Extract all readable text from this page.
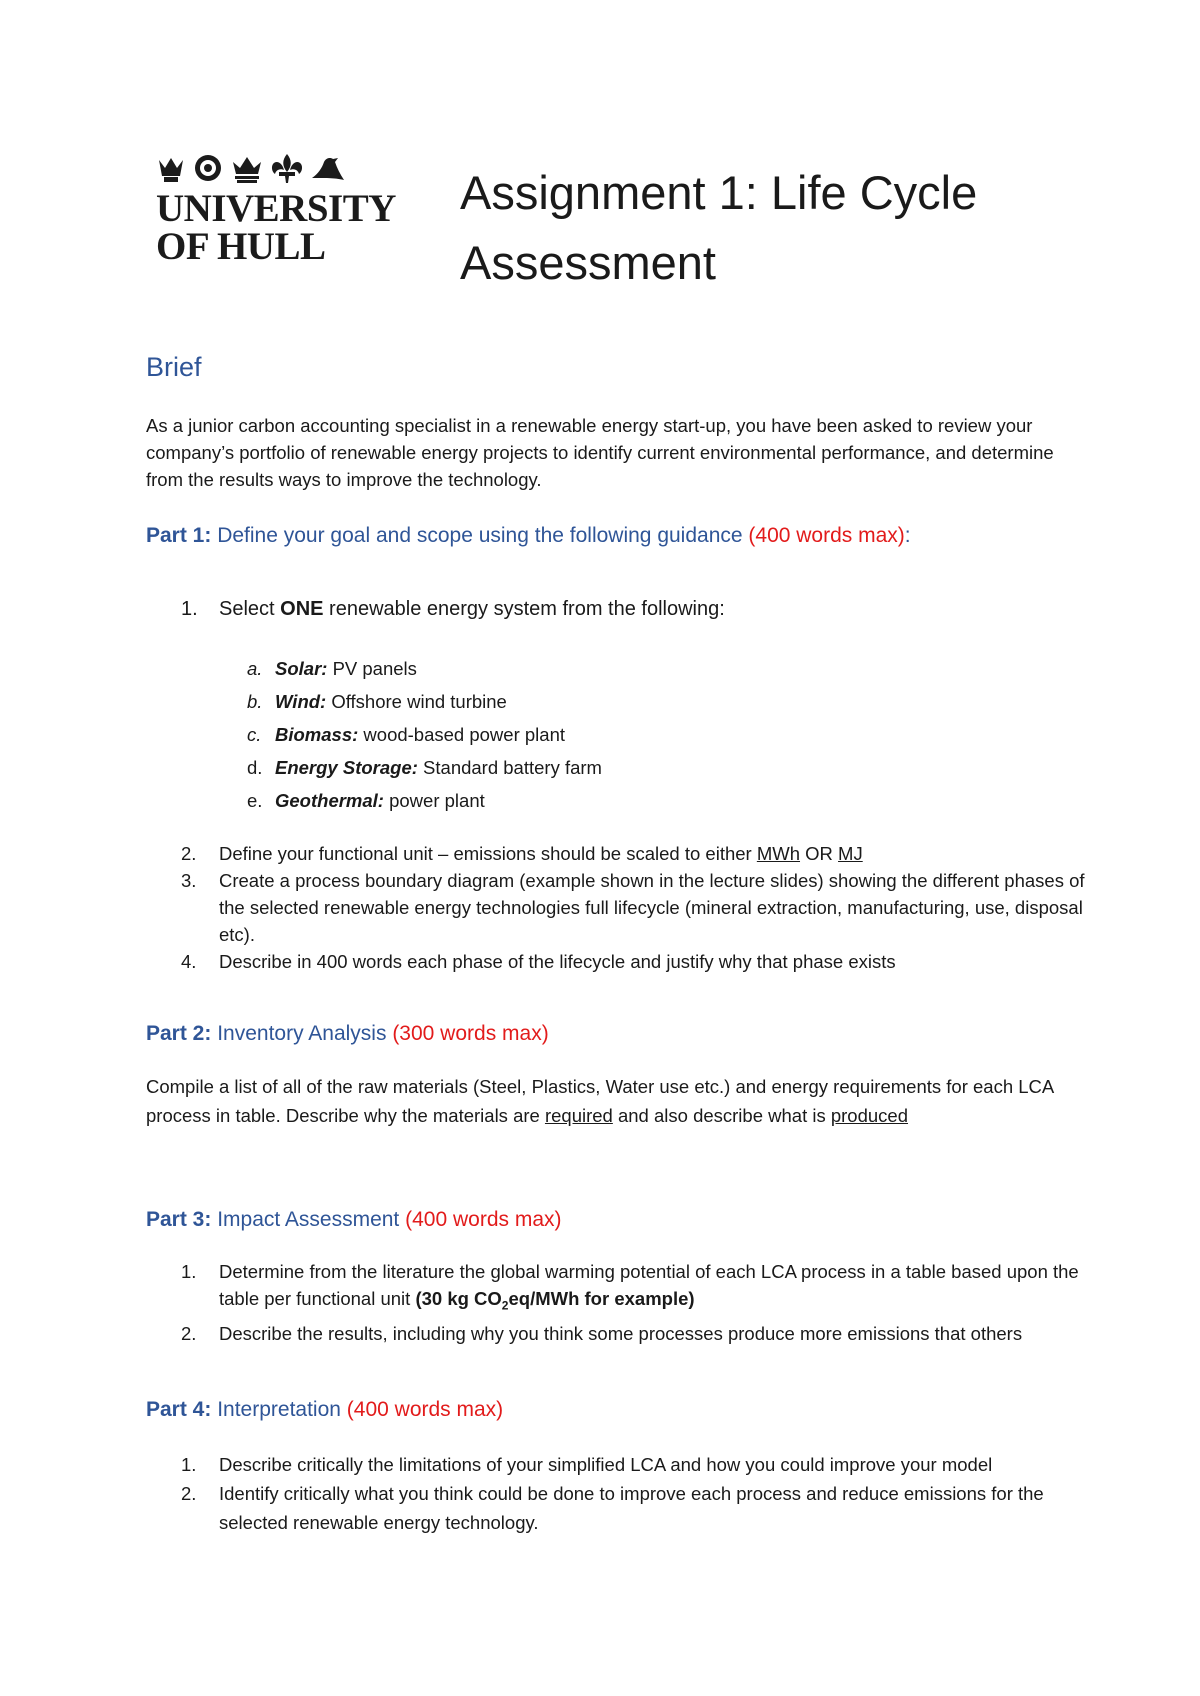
UNIVERSITY
OF HULL
Assignment 1: Life Cycle Assessment
Brief

As a junior carbon accounting specialist in a renewable energy start-up, you have been asked to review your company’s portfolio of renewable energy projects to identify current environmental performance, and determine from the results ways to improve the technology.

Part 1: Define your goal and scope using the following guidance (400 words max):

1. Select ONE renewable energy system from the following:
a. Solar: PV panels
b. Wind: Offshore wind turbine
c. Biomass: wood-based power plant
d. Energy Storage: Standard battery farm
e. Geothermal: power plant
2. Define your functional unit – emissions should be scaled to either MWh OR MJ
3. Create a process boundary diagram (example shown in the lecture slides) showing the different phases of the selected renewable energy technologies full lifecycle (mineral extraction, manufacturing, use, disposal etc).
4. Describe in 400 words each phase of the lifecycle and justify why that phase exists

Part 2: Inventory Analysis (300 words max)

Compile a list of all of the raw materials (Steel, Plastics, Water use etc.) and energy requirements for each LCA process in table. Describe why the materials are required and also describe what is produced

Part 3: Impact Assessment (400 words max)

1. Determine from the literature the global warming potential of each LCA process in a table based upon the table per functional unit (30 kg $CO_2eq$/MWh for example)
2. Describe the results, including why you think some processes produce more emissions that others

Part 4: Interpretation (400 words max)

1. Describe critically the limitations of your simplified LCA and how you could improve your model
2. Identify critically what you think could be done to improve each process and reduce emissions for the selected renewable energy technology.
